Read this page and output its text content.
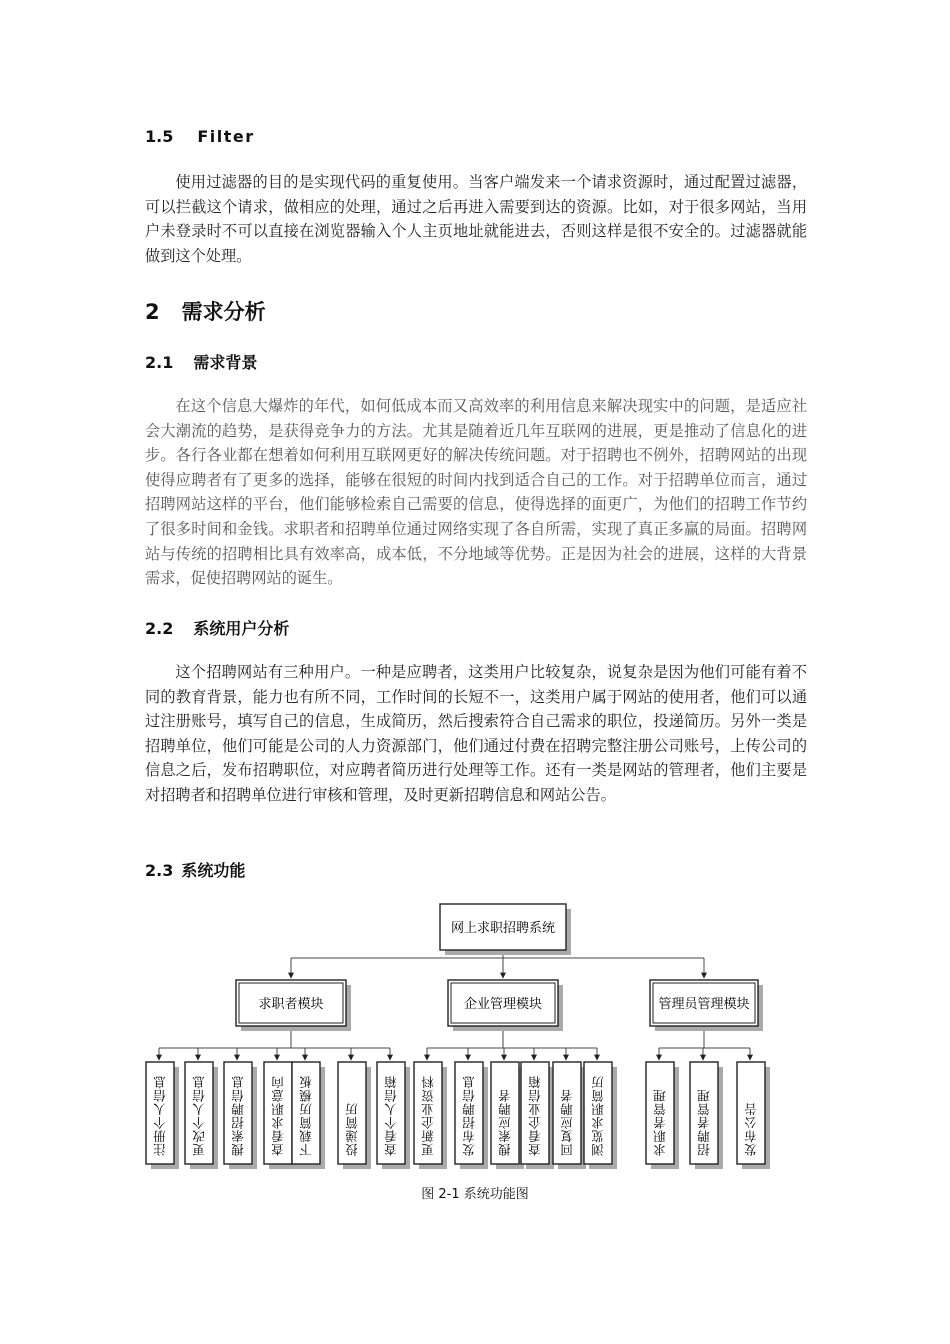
1.5 Filter

使用过滤器的目的是实现代码的重复使用。当客户端发来一个请求资源时，通过配置过滤器，可以拦截这个请求，做相应的处理，通过之后再进入需要到达的资源。比如，对于很多网站，当用户未登录时不可以直接在浏览器输入个人主页地址就能进去，否则这样是很不安全的。过滤器就能做到这个处理。

2 需求分析
2.1 需求背景

在这个信息大爆炸的年代，如何低成本而又高效率的利用信息来解决现实中的问题，是适应社会大潮流的趋势，是获得竞争力的方法。尤其是随着近几年互联网的进展，更是推动了信息化的进步。各行各业都在想着如何利用互联网更好的解决传统问题。对于招聘也不例外，招聘网站的出现使得应聘者有了更多的选择，能够在很短的时间内找到适合自己的工作。对于招聘单位而言，通过招聘网站这样的平台，他们能够检索自己需要的信息，使得选择的面更广，为他们的招聘工作节约了很多时间和金钱。求职者和招聘单位通过网络实现了各自所需，实现了真正多赢的局面。招聘网站与传统的招聘相比具有效率高，成本低，不分地域等优势。正是因为社会的进展，这样的大背景需求，促使招聘网站的诞生。

2.2 系统用户分析

这个招聘网站有三种用户。一种是应聘者，这类用户比较复杂，说复杂是因为他们可能有着不同的教育背景，能力也有所不同，工作时间的长短不一，这类用户属于网站的使用者，他们可以通过注册账号，填写自己的信息，生成简历，然后搜索符合自己需求的职位，投递简历。另外一类是招聘单位，他们可能是公司的人力资源部门，他们通过付费在招聘完整注册公司账号，上传公司的信息之后，发布招聘职位，对应聘者简历进行处理等工作。还有一类是网站的管理者，他们主要是对招聘者和招聘单位进行审核和管理，及时更新招聘信息和网站公告。

2.3 系统功能
网上求职招聘系统
求职者模块	企业管理模块	管理员管理模块
注册个人信息 更改个人信息 搜索招聘信息 查看求职意向 下载简历模板 投递简历 查看个人信箱 更新企业资料 发布招聘信息 搜索应聘者 查看企业信箱 回复应聘者 浏览求职简历	求职者管理 招聘者管理	发布公告
图 2-1 系统功能图
